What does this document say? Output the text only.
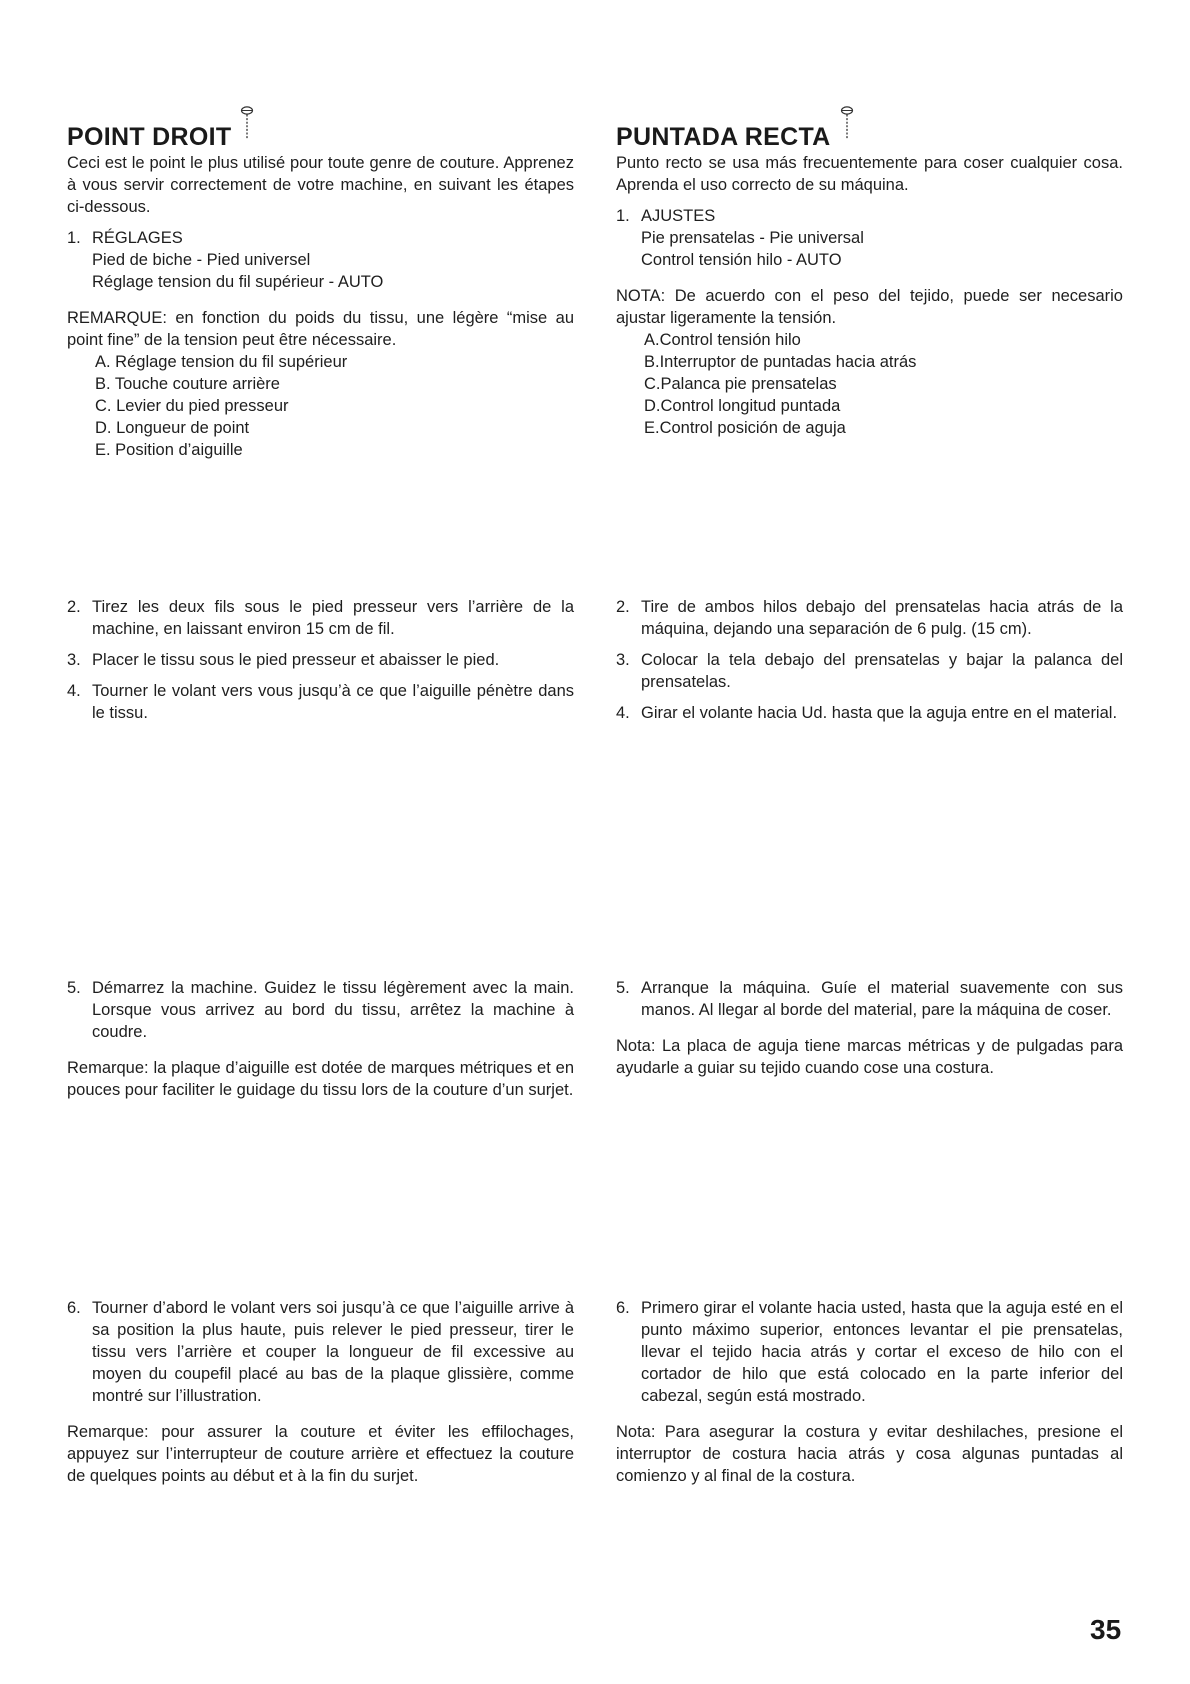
POINT DROIT

Ceci est le point le plus utilisé pour toute genre de couture. Apprenez à vous servir correctement de votre machine, en suivant les étapes ci-dessous.

1. RÉGLAGES
Pied de biche - Pied universel
Réglage tension du fil supérieur - AUTO

REMARQUE: en fonction du poids du tissu, une légère “mise au point fine” de la tension peut être nécessaire.

A. Réglage tension du fil supérieur
B. Touche couture arrière
C. Levier du pied presseur
D. Longueur de point
E. Position d’aiguille
2. Tirez les deux fils sous le pied presseur vers l’arrière de la machine, en laissant environ 15 cm de fil.
3. Placer le tissu sous le pied presseur et abaisser le pied.
4. Tourner le volant vers vous jusqu’à ce que l’aiguille pénètre dans le tissu.
5. Démarrez la machine. Guidez le tissu légèrement avec la main. Lorsque vous arrivez au bord du tissu, arrêtez la machine à coudre.

Remarque: la plaque d’aiguille est dotée de marques métriques et en pouces pour faciliter le guidage du tissu lors de la couture d’un surjet.

6. Tourner d’abord le volant vers soi jusqu’à ce que l’aiguille arrive à sa position la plus haute, puis relever le pied presseur, tirer le tissu vers l’arrière et couper la longueur de fil excessive au moyen du coupefil placé au bas de la plaque glissière, comme montré sur l’illustration.

Remarque: pour assurer la couture et éviter les effilochages, appuyez sur l’interrupteur de couture arrière et effectuez la couture de quelques points au début et à la fin du surjet.

PUNTADA RECTA

Punto recto se usa más frecuentemente para coser cualquier cosa. Aprenda el uso correcto de su máquina.

1. AJUSTES
Pie prensatelas - Pie universal
Control tensión hilo - AUTO

NOTA: De acuerdo con el peso del tejido, puede ser necesario ajustar ligeramente la tensión.

A.Control tensión hilo
B.Interruptor de puntadas hacia atrás
C.Palanca pie prensatelas
D.Control longitud puntada
E.Control posición de aguja
2. Tire de ambos hilos debajo del prensatelas hacia atrás de la máquina, dejando una separación de 6 pulg. (15 cm).
3. Colocar la tela debajo del prensatelas y bajar la palanca del prensatelas.
4. Girar el volante hacia Ud. hasta que la aguja entre en el material.
5. Arranque la máquina. Guíe el material suavemente con sus manos. Al llegar al borde del material, pare la máquina de coser.

Nota: La placa de aguja tiene marcas métricas y de pulgadas para ayudarle a guiar su tejido cuando cose una costura.

6. Primero girar el volante hacia usted, hasta que la aguja esté en el punto máximo superior, entonces levantar el pie prensatelas, llevar el tejido hacia atrás y cortar el exceso de hilo con el cortador de hilo que está colocado en la parte inferior del cabezal, según está mostrado.

Nota: Para asegurar la costura y evitar deshilaches, presione el interruptor de costura hacia atrás y cosa algunas puntadas al comienzo y al final de la costura.

35
